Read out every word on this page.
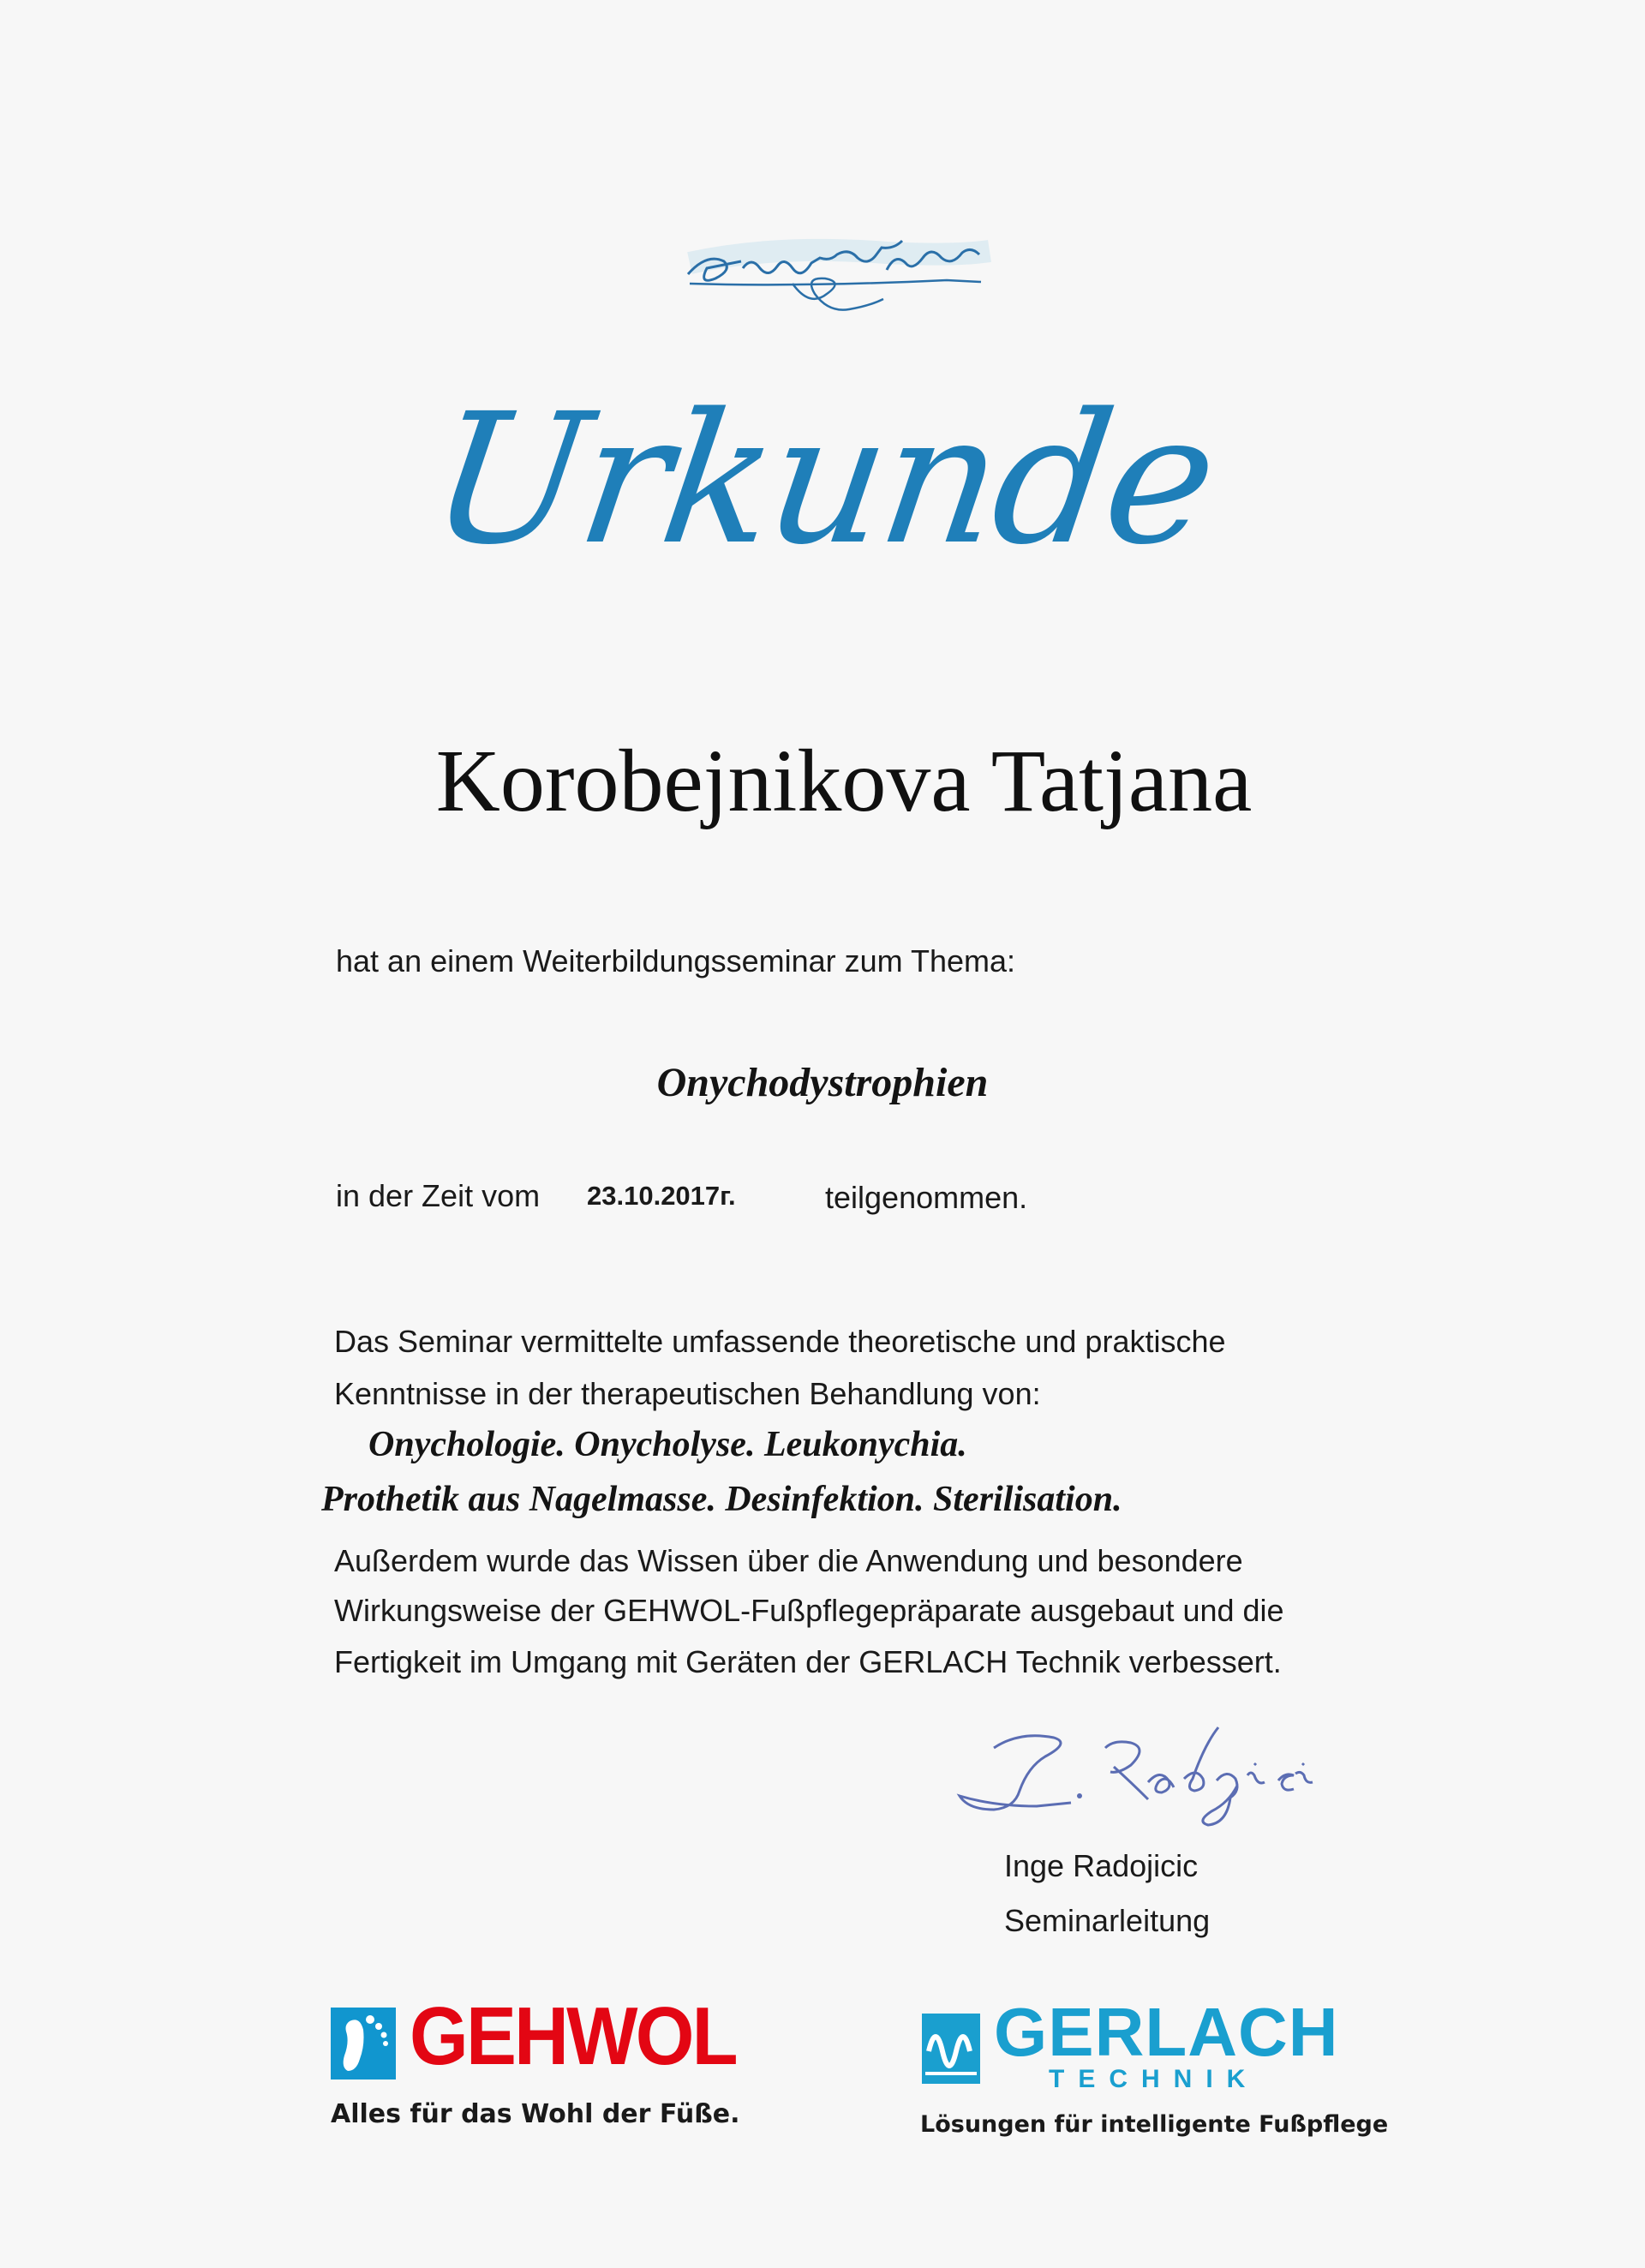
Urkunde
Korobejnikova Tatjana
hat an einem Weiterbildungsseminar zum Thema:
Onychodystrophien
in der Zeit vom 23.10.2017г.	teilgenommen.
Das Seminar vermittelte umfassende theoretische und praktische
Kenntnisse in der therapeutischen Behandlung von:
Onychologie. Onycholyse. Leukonychia.
Prothetik aus Nagelmasse. Desinfektion. Sterilisation.
Außerdem wurde das Wissen über die Anwendung und besondere
Wirkungsweise der GEHWOL-Fußpflegepräparate ausgebaut und die
Fertigkeit im Umgang mit Geräten der GERLACH Technik verbessert.
Inge Radojicic
Seminarleitung
GEHWOL
Alles für das Wohl der Füße.
GERLACH
TECHNIK
Lösungen für intelligente Fußpflege
